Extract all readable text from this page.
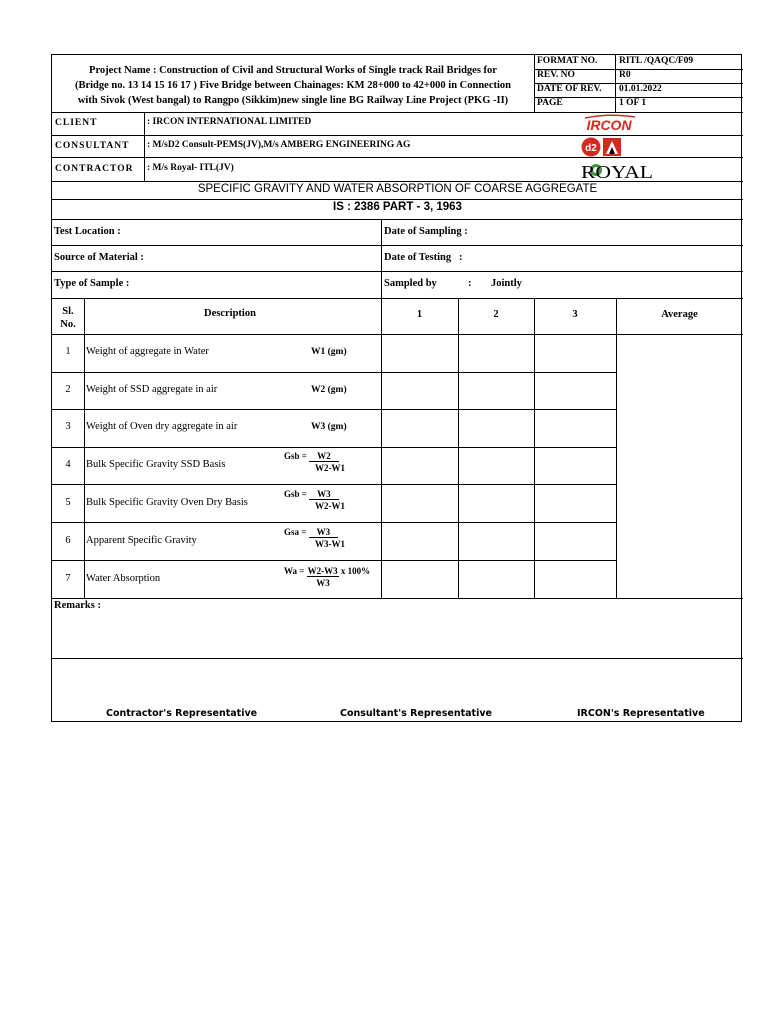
Project Name : Construction of Civil and Structural Works of Single track Rail Bridges for
(Bridge no. 13 14 15 16 17 ) Five Bridge between Chainages: KM 28+000 to 42+000 in Connection
with Sivok (West bangal) to Rangpo (Sikkim)new single line BG Railway Line Project (PKG -II)
FORMAT NO. RITL /QAQC/F09
REV. NO	R0
DATE OF REV. 01.01.2022
PAGE	1 OF 1
CLIENT	: IRCON INTERNATIONAL LIMITED
CONSULTANT : M/sD2 Consult-PEMS(JV),M/s AMBERG ENGINEERING AG
CONTRACTOR : M/s Royal- ITL(JV)
IRCON
d2
ROYAL
SPECIFIC GRAVITY AND WATER ABSORPTION OF COARSE AGGREGATE
IS : 2386 PART - 3, 1963
Test Location :	Date of Sampling :
Source of Material :	Date of Testing   :
Type of Sample :	Sampled by	: Jointly
Sl.
No.
Description	1	2	3	Average
1	Weight of aggregate in Water	W1 (gm)
2	Weight of SSD aggregate in air	W2 (gm)
3	Weight of Oven dry aggregate in air	W3 (gm)
4	Bulk Specific Gravity SSD Basis
Gsb = W2
W2-W1
5	Bulk Specific Gravity Oven Dry Basis
Gsb = W3
W2-W1
6	Apparent Specific Gravity
Gsa = W3
W3-W1
7	Water Absorption
Wa = W2-W3 x 100%
W3
Remarks :
Contractor's Representative	Consultant's Representative	IRCON's Representative
